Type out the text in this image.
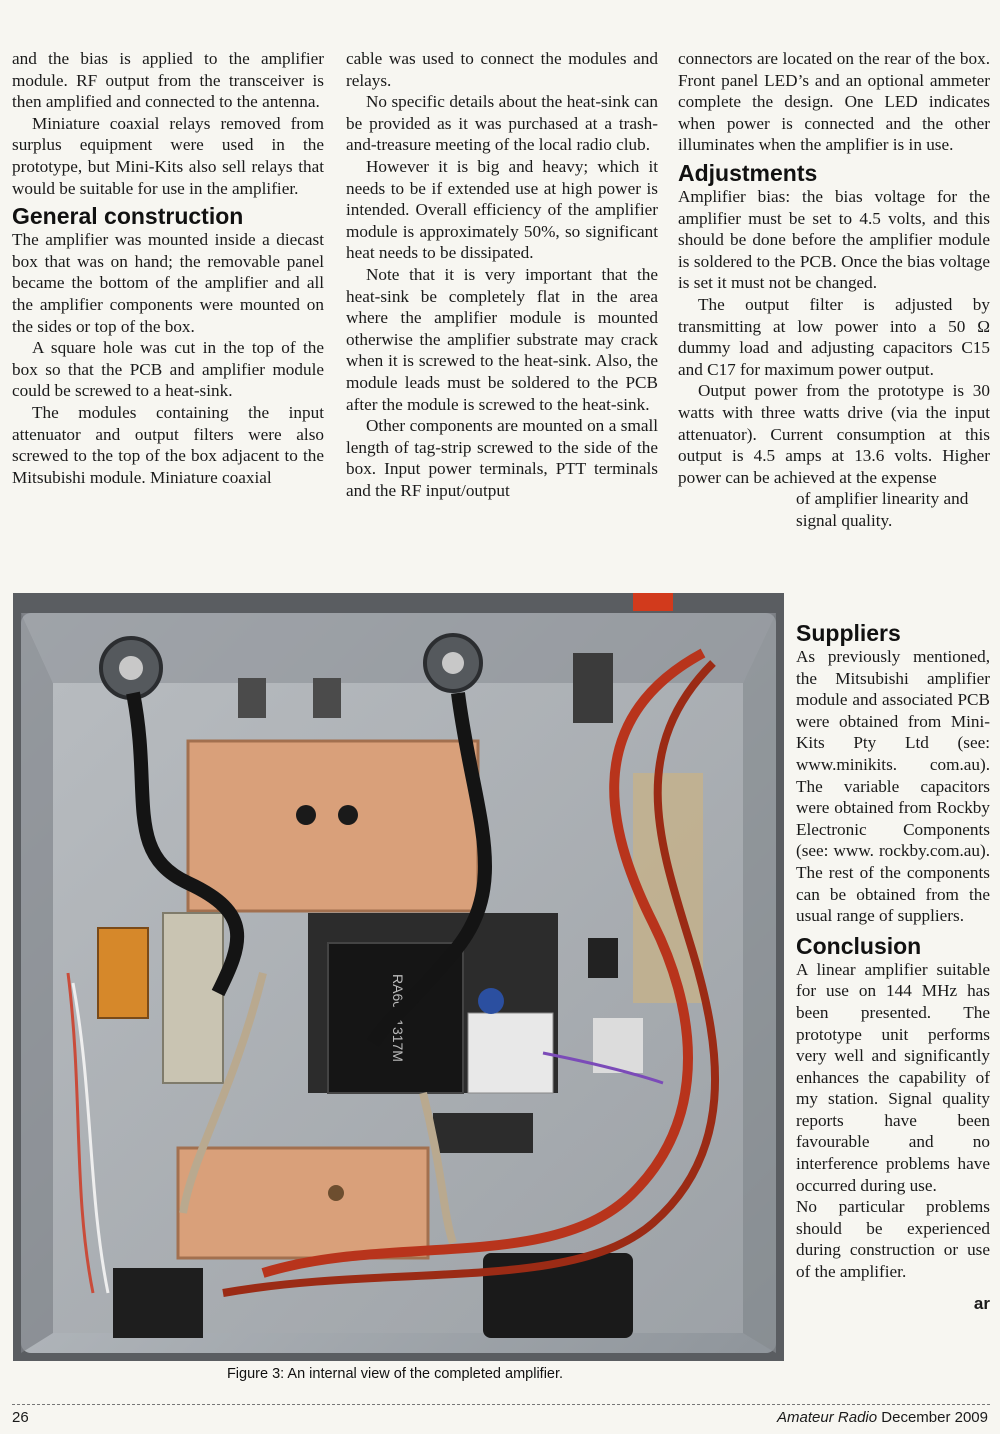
and the bias is applied to the amplifier module. RF output from the transceiver is then amplified and connected to the antenna.

Miniature coaxial relays removed from surplus equipment were used in the prototype, but Mini-Kits also sell relays that would be suitable for use in the amplifier.

General construction

The amplifier was mounted inside a diecast box that was on hand; the removable panel became the bottom of the amplifier and all the amplifier components were mounted on the sides or top of the box.

A square hole was cut in the top of the box so that the PCB and amplifier module could be screwed to a heat-sink.

The modules containing the input attenuator and output filters were also screwed to the top of the box adjacent to the Mitsubishi module. Miniature coaxial

cable was used to connect the modules and relays.

No specific details about the heat-sink can be provided as it was purchased at a trash-and-treasure meeting of the local radio club.

However it is big and heavy; which it needs to be if extended use at high power is intended. Overall efficiency of the amplifier module is approximately 50%, so significant heat needs to be dissipated.

Note that it is very important that the heat-sink be completely flat in the area where the amplifier module is mounted otherwise the amplifier substrate may crack when it is screwed to the heat-sink. Also, the module leads must be soldered to the PCB after the module is screwed to the heat-sink.

Other components are mounted on a small length of tag-strip screwed to the side of the box. Input power terminals, PTT terminals and the RF input/output

connectors are located on the rear of the box. Front panel LED’s and an optional ammeter complete the design. One LED indicates when power is connected and the other illuminates when the amplifier is in use.

Adjustments

Amplifier bias: the bias voltage for the amplifier must be set to 4.5 volts, and this should be done before the amplifier module is soldered to the PCB. Once the bias voltage is set it must not be changed.

The output filter is adjusted by transmitting at low power into a 50 Ω dummy load and adjusting capacitors C15 and C17 for maximum power output.

Output power from the prototype is 30 watts with three watts drive (via the input attenuator). Current consumption at this output is 4.5 amps at 13.6 volts. Higher power can be achieved at the expense

of amplifier linearity and signal quality.

Suppliers

As previously mentioned, the Mitsubishi amplifier module and associated PCB were obtained from Mini-Kits Pty Ltd (see: www.minikits. com.au). The variable capacitors were obtained from Rockby Electronic Components (see: www. rockby.com.au). The rest of the components can be obtained from the usual range of suppliers.

Conclusion

A linear amplifier suitable for use on 144 MHz has been presented. The prototype unit performs very well and significantly enhances the capability of my station. Signal quality reports have been favourable and no interference problems have occurred during use.

No particular problems should be experienced during construction or use of the amplifier.

ar
RA60H1317M
Figure 3: An internal view of the completed amplifier.
26	Amateur Radio December 2009
